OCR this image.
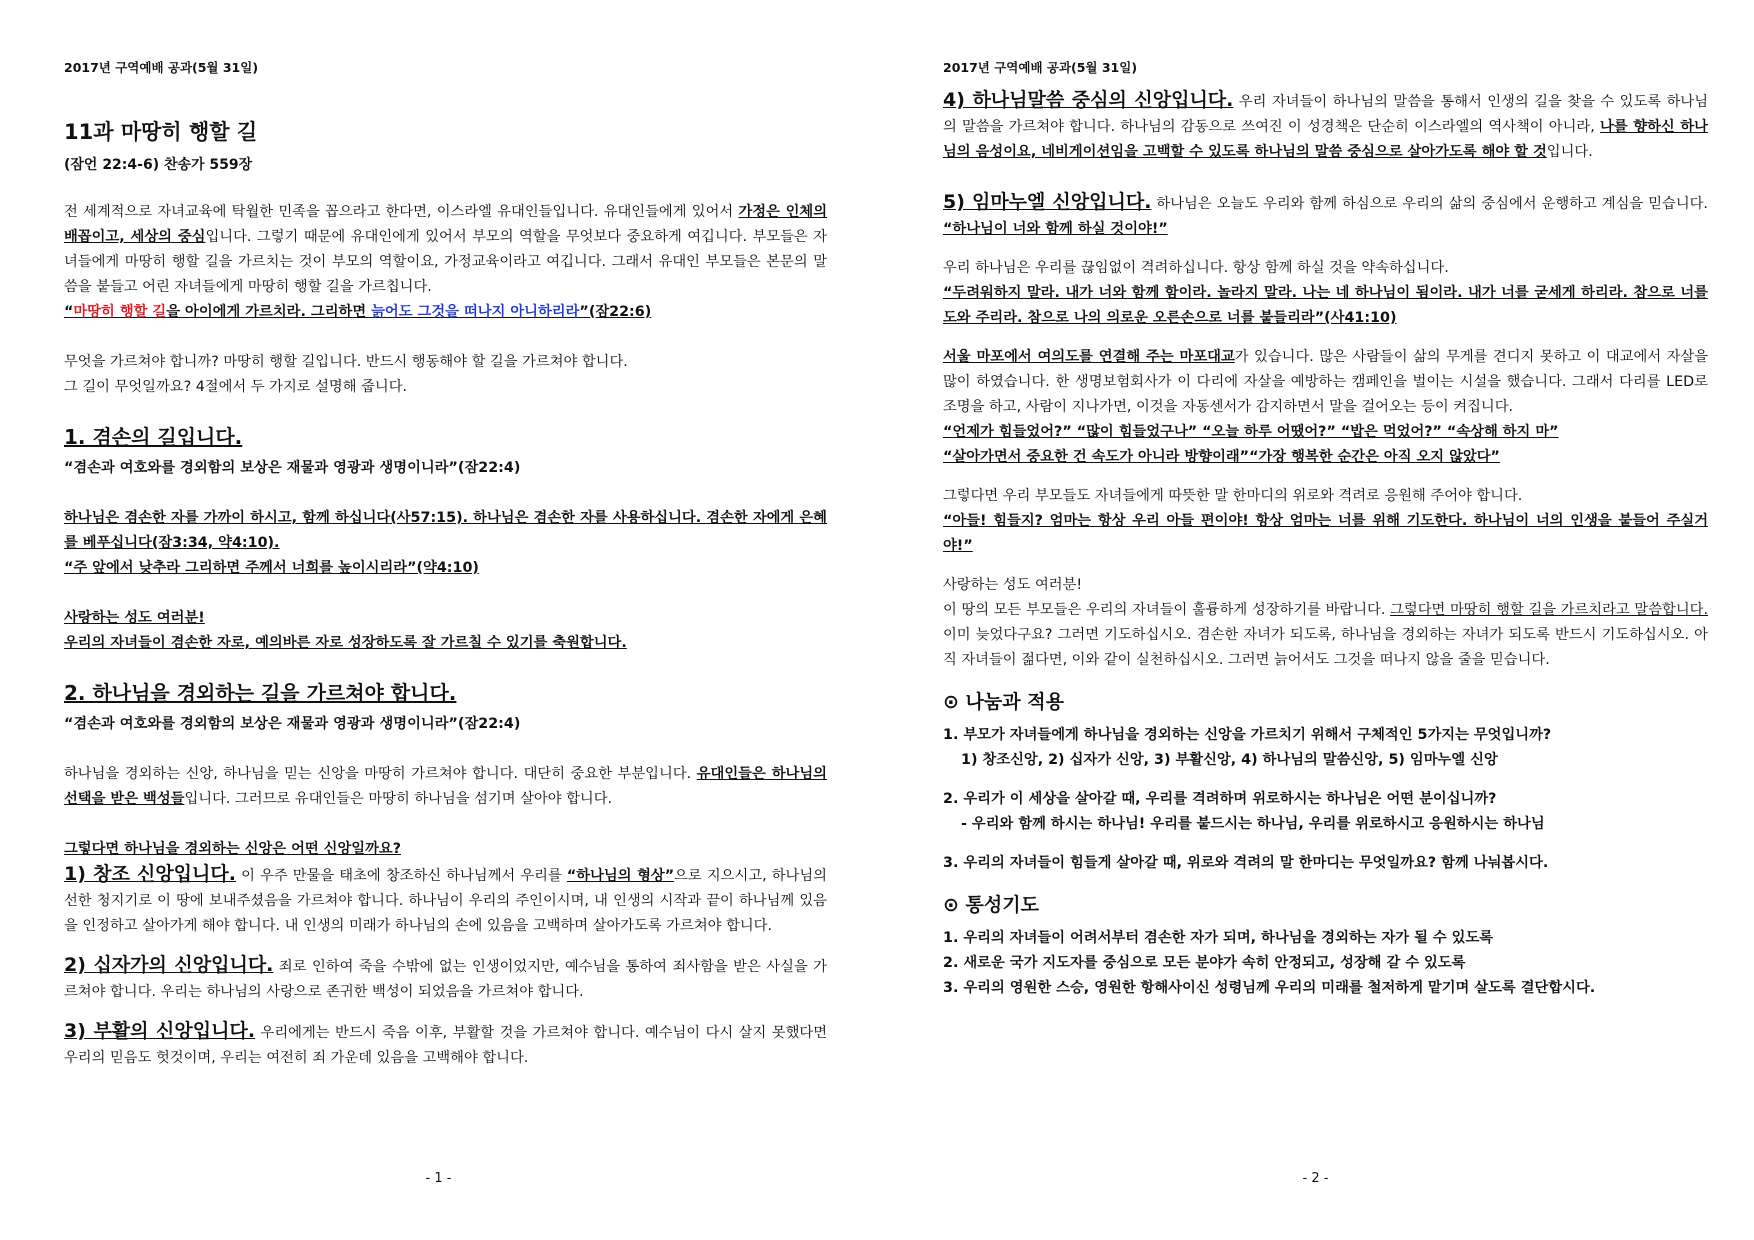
2017년 구역예배 공과(5월 31일)
11과 마땅히 행할 길
(잠언 22:4-6) 찬송가 559장

전 세계적으로 자녀교육에 탁월한 민족을 꼽으라고 한다면, 이스라엘 유대인들입니다. 유대인들에게 있어서 가정은 인체의 배꼽이고, 세상의 중심입니다. 그렇기 때문에 유대인에게 있어서 부모의 역할을 무엇보다 중요하게 여깁니다. 부모들은 자녀들에게 마땅히 행할 길을 가르치는 것이 부모의 역할이요, 가정교육이라고 여깁니다. 그래서 유대인 부모들은 본문의 말씀을 붙들고 어린 자녀들에게 마땅히 행할 길을 가르칩니다.

“마땅히 행할 길을 아이에게 가르치라. 그리하면 늙어도 그것을 떠나지 아니하리라”(잠22:6)

무엇을 가르쳐야 합니까? 마땅히 행할 길입니다. 반드시 행동해야 할 길을 가르쳐야 합니다.

그 길이 무엇일까요? 4절에서 두 가지로 설명해 줍니다.

1. 겸손의 길입니다.

“겸손과 여호와를 경외함의 보상은 재물과 영광과 생명이니라”(잠22:4)

하나님은 겸손한 자를 가까이 하시고, 함께 하십니다(사57:15). 하나님은 겸손한 자를 사용하십니다. 겸손한 자에게 은혜를 베푸십니다(잠3:34, 약4:10).

“주 앞에서 낮추라 그리하면 주께서 너희를 높이시리라”(약4:10)

사랑하는 성도 여러분!

우리의 자녀들이 겸손한 자로, 예의바른 자로 성장하도록 잘 가르칠 수 있기를 축원합니다.

2. 하나님을 경외하는 길을 가르쳐야 합니다.

“겸손과 여호와를 경외함의 보상은 재물과 영광과 생명이니라”(잠22:4)

하나님을 경외하는 신앙, 하나님을 믿는 신앙을 마땅히 가르쳐야 합니다. 대단히 중요한 부분입니다. 유대인들은 하나님의 선택을 받은 백성들입니다. 그러므로 유대인들은 마땅히 하나님을 섬기며 살아야 합니다.

그렇다면 하나님을 경외하는 신앙은 어떤 신앙일까요?

1) 창조 신앙입니다. 이 우주 만물을 태초에 창조하신 하나님께서 우리를 “하나님의 형상”으로 지으시고, 하나님의 선한 청지기로 이 땅에 보내주셨음을 가르쳐야 합니다. 하나님이 우리의 주인이시며, 내 인생의 시작과 끝이 하나님께 있음을 인정하고 살아가게 해야 합니다. 내 인생의 미래가 하나님의 손에 있음을 고백하며 살아가도록 가르쳐야 합니다.

2) 십자가의 신앙입니다. 죄로 인하여 죽을 수밖에 없는 인생이었지만, 예수님을 통하여 죄사함을 받은 사실을 가르쳐야 합니다. 우리는 하나님의 사랑으로 존귀한 백성이 되었음을 가르쳐야 합니다.

3) 부활의 신앙입니다. 우리에게는 반드시 죽음 이후, 부활할 것을 가르쳐야 합니다. 예수님이 다시 살지 못했다면 우리의 믿음도 헛것이며, 우리는 여전히 죄 가운데 있음을 고백해야 합니다.

- 1 -
2017년 구역예배 공과(5월 31일)

4) 하나님말씀 중심의 신앙입니다. 우리 자녀들이 하나님의 말씀을 통해서 인생의 길을 찾을 수 있도록 하나님의 말씀을 가르쳐야 합니다. 하나님의 감동으로 쓰여진 이 성경책은 단순히 이스라엘의 역사책이 아니라, 나를 향하신 하나님의 음성이요, 네비게이션임을 고백할 수 있도록 하나님의 말씀 중심으로 살아가도록 해야 할 것입니다.

5) 임마누엘 신앙입니다. 하나님은 오늘도 우리와 함께 하심으로 우리의 삶의 중심에서 운행하고 계심을 믿습니다. “하나님이 너와 함께 하실 것이야!”

우리 하나님은 우리를 끊임없이 격려하십니다. 항상 함께 하실 것을 약속하십니다.

“두려워하지 말라. 내가 너와 함께 함이라. 놀라지 말라. 나는 네 하나님이 됨이라. 내가 너를 굳세게 하리라. 참으로 너를 도와 주리라. 참으로 나의 의로운 오른손으로 너를 붙들리라”(사41:10)

서울 마포에서 여의도를 연결해 주는 마포대교가 있습니다. 많은 사람들이 삶의 무게를 견디지 못하고 이 대교에서 자살을 많이 하였습니다. 한 생명보험회사가 이 다리에 자살을 예방하는 캠페인을 벌이는 시설을 했습니다. 그래서 다리를 LED로 조명을 하고, 사람이 지나가면, 이것을 자동센서가 감지하면서 말을 걸어오는 등이 켜집니다.

“언제가 힘들었어?” “많이 힘들었구나” “오늘 하루 어땠어?” “밥은 먹었어?” “속상해 하지 마”

“살아가면서 중요한 건 속도가 아니라 방향이래”“가장 행복한 순간은 아직 오지 않았다”

그렇다면 우리 부모들도 자녀들에게 따뜻한 말 한마디의 위로와 격려로 응원해 주어야 합니다.

“아들! 힘들지? 엄마는 항상 우리 아들 편이야! 항상 엄마는 너를 위해 기도한다. 하나님이 너의 인생을 붙들어 주실거야!”

사랑하는 성도 여러분!

이 땅의 모든 부모들은 우리의 자녀들이 훌륭하게 성장하기를 바랍니다. 그렇다면 마땅히 행할 길을 가르치라고 말씀합니다. 이미 늦었다구요? 그러면 기도하십시오. 겸손한 자녀가 되도록, 하나님을 경외하는 자녀가 되도록 반드시 기도하십시오. 아직 자녀들이 젊다면, 이와 같이 실천하십시오. 그러면 늙어서도 그것을 떠나지 않을 줄을 믿습니다.

⊙ 나눔과 적용

1. 부모가 자녀들에게 하나님을 경외하는 신앙을 가르치기 위해서 구체적인 5가지는 무엇입니까?

1) 창조신앙, 2) 십자가 신앙, 3) 부활신앙, 4) 하나님의 말씀신앙, 5) 임마누엘 신앙

2. 우리가 이 세상을 살아갈 때, 우리를 격려하며 위로하시는 하나님은 어떤 분이십니까?

- 우리와 함께 하시는 하나님! 우리를 붙드시는 하나님, 우리를 위로하시고 응원하시는 하나님

3. 우리의 자녀들이 힘들게 살아갈 때, 위로와 격려의 말 한마디는 무엇일까요? 함께 나눠봅시다.

⊙ 통성기도

1. 우리의 자녀들이 어려서부터 겸손한 자가 되며, 하나님을 경외하는 자가 될 수 있도록

2. 새로운 국가 지도자를 중심으로 모든 분야가 속히 안정되고, 성장해 갈 수 있도록

3. 우리의 영원한 스승, 영원한 항해사이신 성령님께 우리의 미래를 철저하게 맡기며 살도록 결단합시다.

- 2 -
